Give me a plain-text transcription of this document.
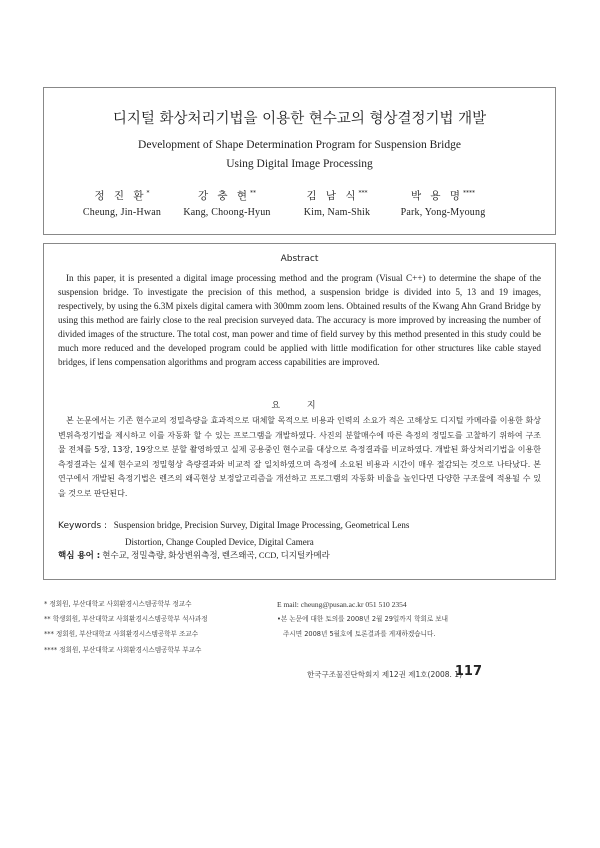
디지털 화상처리기법을 이용한 현수교의 형상결정기법 개발
Development of Shape Determination Program for Suspension Bridge
Using Digital Image Processing
정 진 환*
Cheung, Jin-Hwan
강 충 현**
Kang, Choong-Hyun
김 남 식***
Kim, Nam-Shik
박 용 명****
Park, Yong-Myoung
Abstract
In this paper, it is presented a digital image processing method and the program (Visual C++) to determine the shape of the suspension bridge. To investigate the precision of this method, a suspension bridge is divided into 5, 13 and 19 images, respectively, by using the 6.3M pixels digital camera with 300mm zoom lens. Obtained results of the Kwang Ahn Grand Bridge by using this method are fairly close to the real precision surveyed data. The accuracy is more improved by increasing the number of divided images of the structure. The total cost, man power and time of field survey by this method presented in this study could be much more reduced and the developed program could be applied with little modification for other structures like cable stayed bridges, if lens compensation algorithms and program access capabilities are improved.
요 지
본 논문에서는 기존 현수교의 정밀측량을 효과적으로 대체할 목적으로 비용과 인력의 소요가 적은 고해상도 디지털 카메라를 이용한 화상변위측정기법을 제시하고 이를 자동화 할 수 있는 프로그램을 개발하였다. 사진의 분할매수에 따른 측정의 정밀도를 고찰하기 위하여 구조물 전체를 5장, 13장, 19장으로 분할 촬영하였고 실제 공용중인 현수교를 대상으로 측정결과를 비교하였다. 개발된 화상처리기법을 이용한 측정결과는 실제 현수교의 정밀형상 측량결과와 비교적 잘 일치하였으며 측정에 소요된 비용과 시간이 매우 절감되는 것으로 나타났다. 본 연구에서 개발된 측정기법은 렌즈의 왜곡현상 보정알고리즘을 개선하고 프로그램의 자동화 비율을 높인다면 다양한 구조물에 적용될 수 있을 것으로 판단된다.
Keywords : Suspension bridge, Precision Survey, Digital Image Processing, Geometrical Lens
Distortion, Change Coupled Device, Digital Camera
핵심 용어 : 현수교, 정밀측량, 화상변위측정, 렌즈왜곡, CCD, 디지털카메라
* 정회원, 부산대학교 사회환경시스템공학부 정교수
** 학생회원, 부산대학교 사회환경시스템공학부 석사과정
*** 정회원, 부산대학교 사회환경시스템공학부 조교수
**** 정회원, 부산대학교 사회환경시스템공학부 부교수
E mail: cheung@pusan.ac.kr 051 510 2354
•본 논문에 대한 토의를 2008년 2월 29일까지 학회로 보내
주시면 2008년 5월호에 토론결과를 게재하겠습니다.
한국구조물진단학회지 제12권 제1호(2008. 1)
117
